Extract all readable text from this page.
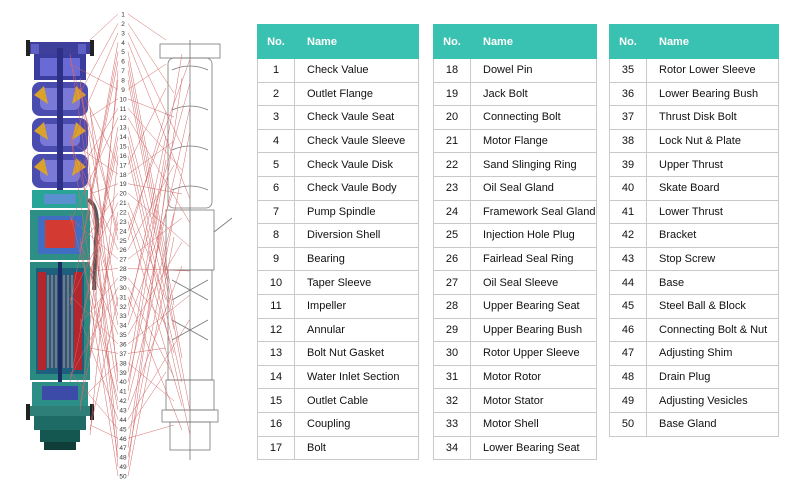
1
2
3
4
5
6
7
8
9
10
11
12
13
14
15
16
17
18
19
20
21
22
23
24
25
26
27
28
29
30
31
32
33
34
35
36
37
38
39
40
41
42
43
44
45
46
47
48
49
50
No.	Name
1	Check Value
2	Outlet Flange
3	Check Vaule Seat
4	Check Vaule Sleeve
5	Check Vaule Disk
6	Check Vaule Body
7	Pump Spindle
8	Diversion Shell
9	Bearing
10	Taper Sleeve
11	Impeller
12	Annular
13	Bolt Nut Gasket
14	Water Inlet Section
15	Outlet Cable
16	Coupling
17	Bolt
No.	Name
18	Dowel Pin
19	Jack Bolt
20	Connecting Bolt
21	Motor Flange
22	Sand Slinging Ring
23	Oil Seal Gland
24	Framework Seal Gland
25	Injection Hole Plug
26	Fairlead Seal Ring
27	Oil Seal Sleeve
28	Upper Bearing Seat
29	Upper Bearing Bush
30	Rotor Upper Sleeve
31	Motor Rotor
32	Motor Stator
33	Motor Shell
34	Lower Bearing Seat
No.	Name
35	Rotor Lower Sleeve
36	Lower Bearing Bush
37	Thrust Disk Bolt
38	Lock Nut & Plate
39	Upper Thrust
40	Skate Board
41	Lower Thrust
42	Bracket
43	Stop Screw
44	Base
45	Steel Ball & Block
46	Connecting Bolt & Nut
47	Adjusting Shim
48	Drain Plug
49	Adjusting Vesicles
50	Base Gland
